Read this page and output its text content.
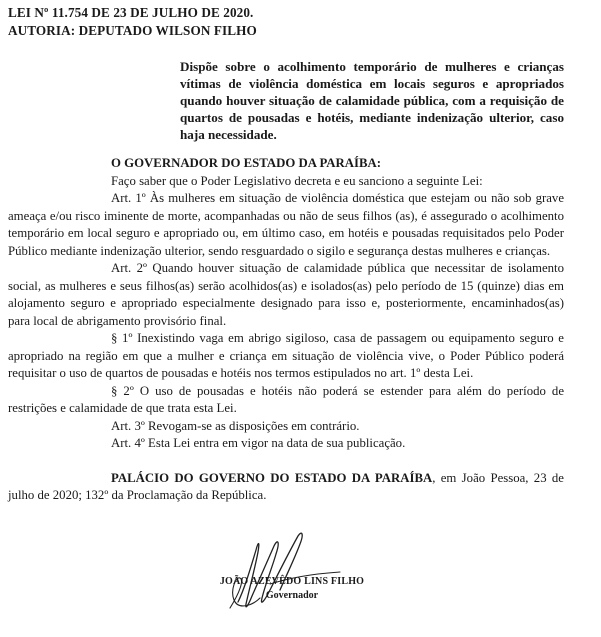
LEI Nº 11.754 DE 23 DE JULHO DE 2020.
AUTORIA: DEPUTADO WILSON FILHO
Dispõe sobre o acolhimento temporário de mulheres e crianças vítimas de violência doméstica em locais seguros e apropriados quando houver situação de calamidade pública, com a requisição de quartos de pousadas e hotéis, mediante indenização ulterior, caso haja necessidade.

O GOVERNADOR DO ESTADO DA PARAÍBA:

Faço saber que o Poder Legislativo decreta e eu sanciono a seguinte Lei:

Art. 1º Às mulheres em situação de violência doméstica que estejam ou não sob grave ameaça e/ou risco iminente de morte, acompanhadas ou não de seus filhos (as), é assegurado o acolhimento temporário em local seguro e apropriado ou, em último caso, em hotéis e pousadas requisitados pelo Poder Público mediante indenização ulterior, sendo resguardado o sigilo e segurança destas mulheres e crianças.

Art. 2º Quando houver situação de calamidade pública que necessitar de isolamento social, as mulheres e seus filhos(as) serão acolhidos(as) e isolados(as) pelo período de 15 (quinze) dias em alojamento seguro e apropriado especialmente designado para isso e, posteriormente, encaminhados(as) para local de abrigamento provisório final.

§ 1º Inexistindo vaga em abrigo sigiloso, casa de passagem ou equipamento seguro e apropriado na região em que a mulher e criança em situação de violência vive, o Poder Público poderá requisitar o uso de quartos de pousadas e hotéis nos termos estipulados no art. 1º desta Lei.

§ 2º O uso de pousadas e hotéis não poderá se estender para além do período de restrições e calamidade de que trata esta Lei.

Art. 3º Revogam-se as disposições em contrário.

Art. 4º Esta Lei entra em vigor na data de sua publicação.

PALÁCIO DO GOVERNO DO ESTADO DA PARAÍBA, em João Pessoa, 23 de julho de 2020; 132º da Proclamação da República.

JOÃO AZEVÊDO LINS FILHO
Governador
